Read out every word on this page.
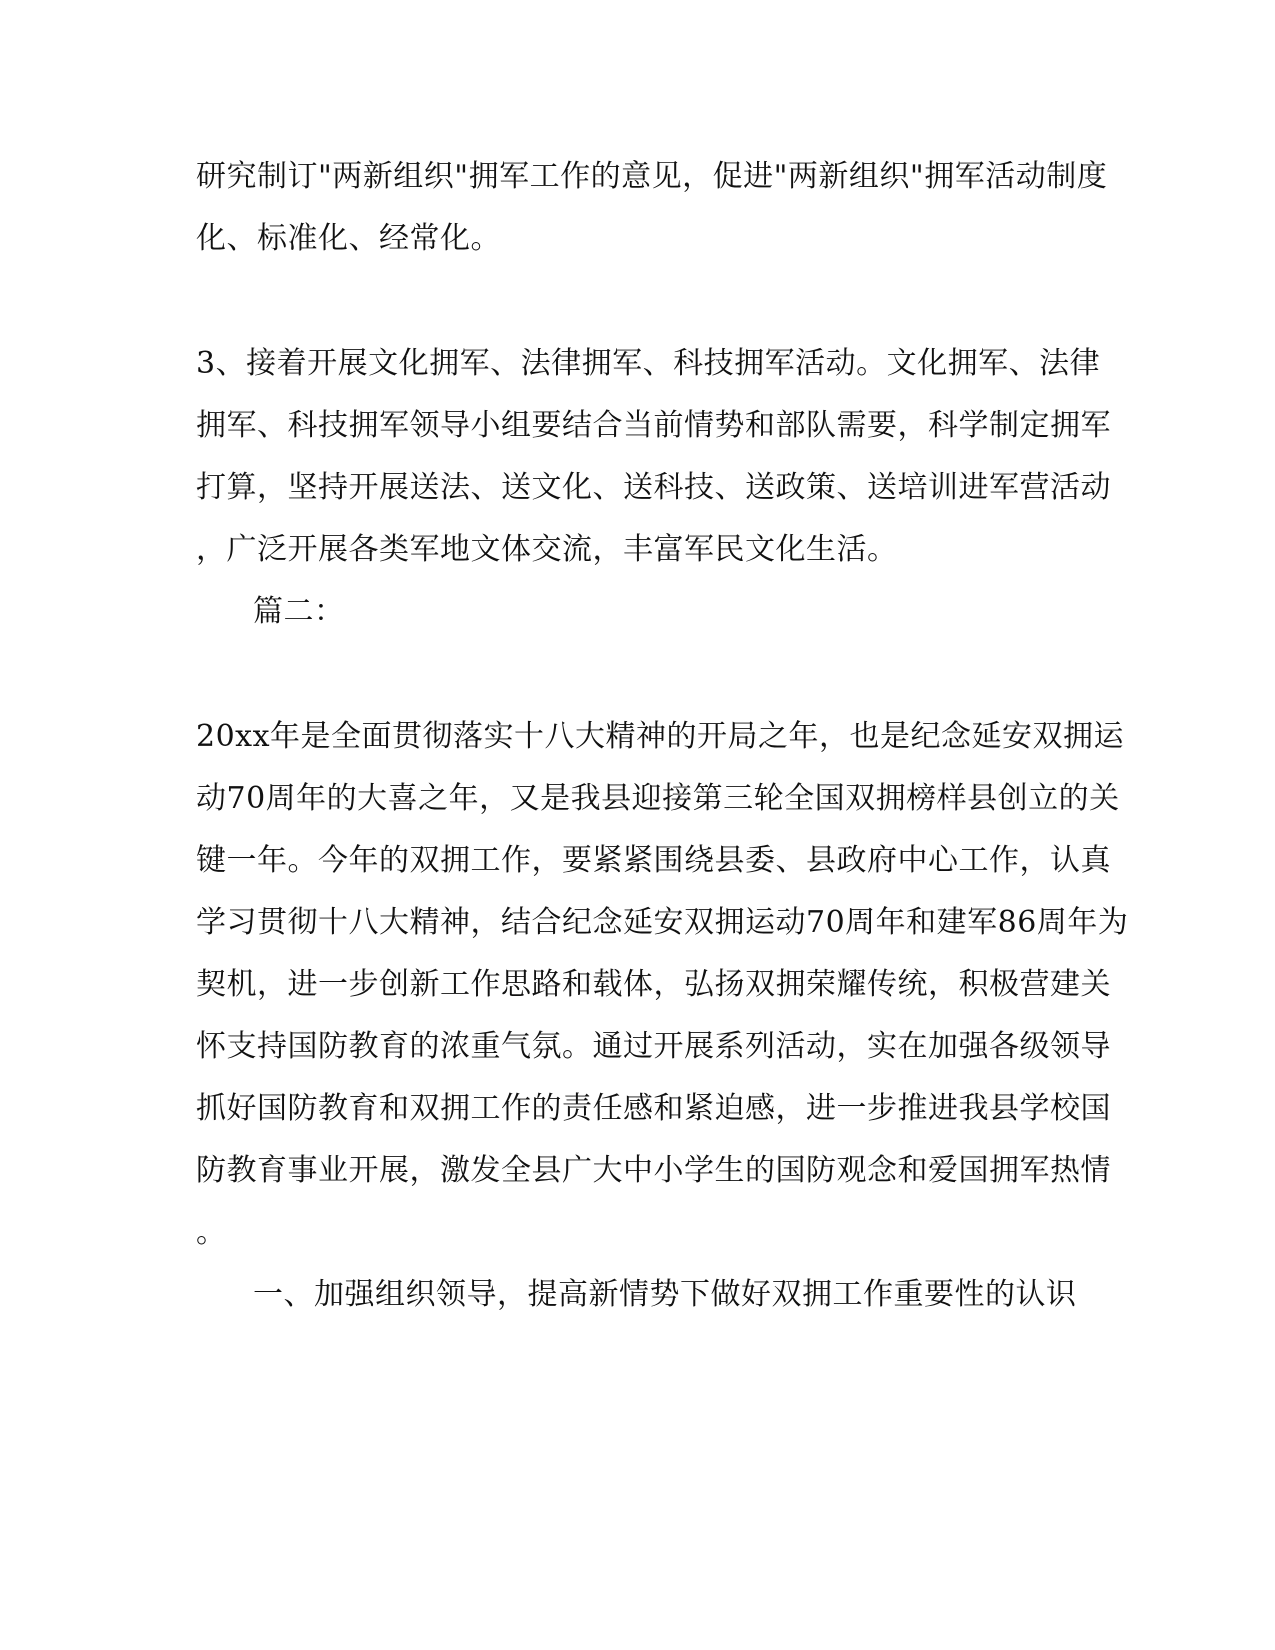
研究制订"两新组织"拥军工作的意见，促进"两新组织"拥军活动制度
化、标准化、经常化。
3、接着开展文化拥军、法律拥军、科技拥军活动。文化拥军、法律
拥军、科技拥军领导小组要结合当前情势和部队需要，科学制定拥军
打算，坚持开展送法、送文化、送科技、送政策、送培训进军营活动
，广泛开展各类军地文体交流，丰富军民文化生活。
篇二：
20xx年是全面贯彻落实十八大精神的开局之年，也是纪念延安双拥运
动70周年的大喜之年，又是我县迎接第三轮全国双拥榜样县创立的关
键一年。今年的双拥工作，要紧紧围绕县委、县政府中心工作，认真
学习贯彻十八大精神，结合纪念延安双拥运动70周年和建军86周年为
契机，进一步创新工作思路和载体，弘扬双拥荣耀传统，积极营建关
怀支持国防教育的浓重气氛。通过开展系列活动，实在加强各级领导
抓好国防教育和双拥工作的责任感和紧迫感，进一步推进我县学校国
防教育事业开展，激发全县广大中小学生的国防观念和爱国拥军热情
。
一、加强组织领导，提高新情势下做好双拥工作重要性的认识
